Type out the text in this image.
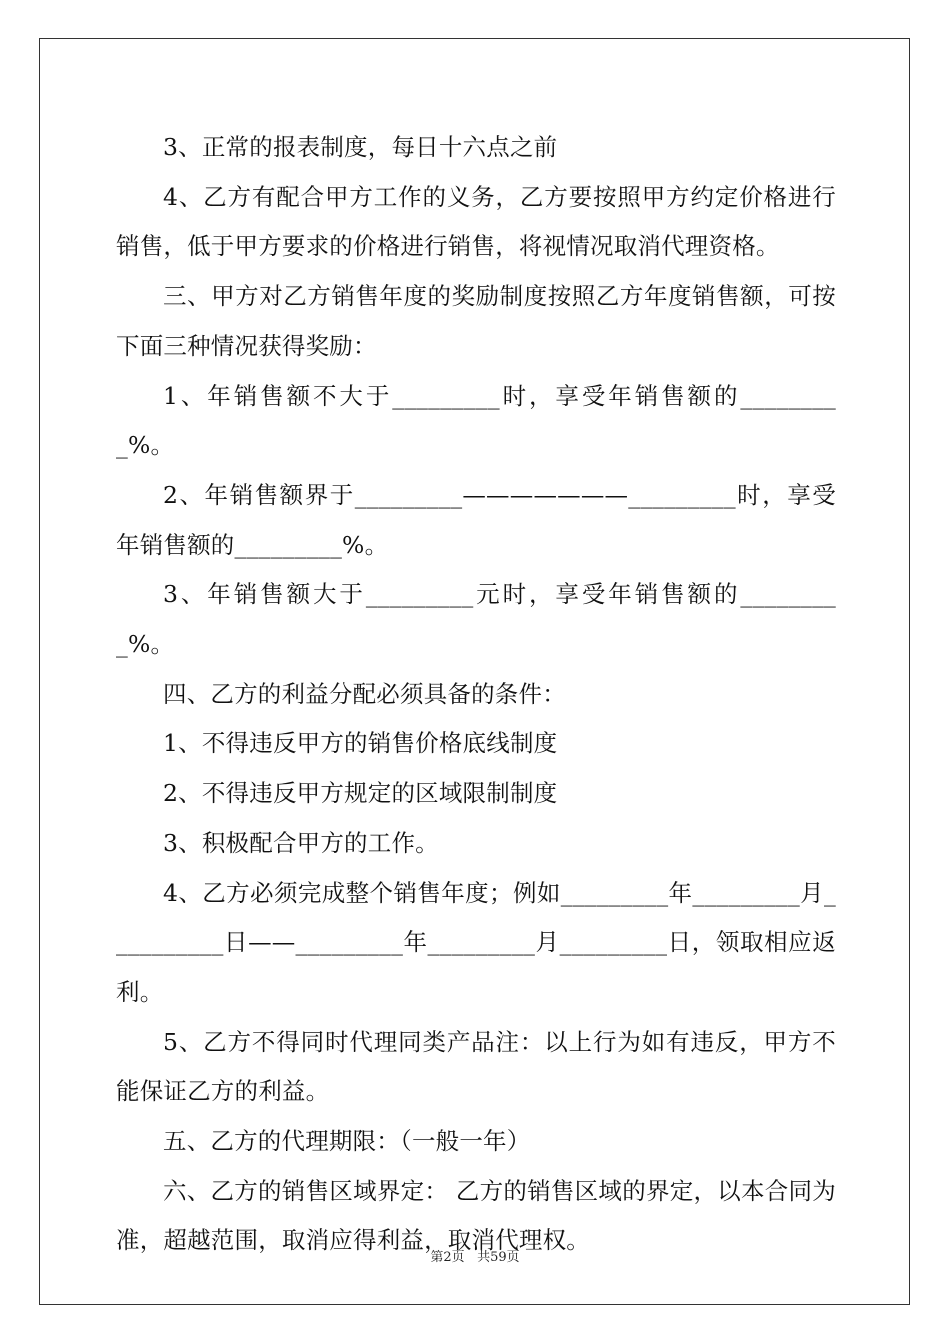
3、正常的报表制度，每日十六点之前

4、乙方有配合甲方工作的义务，乙方要按照甲方约定价格进行销售，低于甲方要求的价格进行销售，将视情况取消代理资格。

三、甲方对乙方销售年度的奖励制度按照乙方年度销售额，可按下面三种情况获得奖励：

1、年销售额不大于_________时，享受年销售额的_________%。

2、年销售额界于_________———————_________时，享受年销售额的_________%。

3、年销售额大于_________元时，享受年销售额的_________%。

四、乙方的利益分配必须具备的条件：

1、不得违反甲方的销售价格底线制度

2、不得违反甲方规定的区域限制制度

3、积极配合甲方的工作。

4、乙方必须完成整个销售年度；例如_________年_________月__________日——_________年_________月_________日，领取相应返利。

5、乙方不得同时代理同类产品注：以上行为如有违反，甲方不能保证乙方的利益。

五、乙方的代理期限：（一般一年）

六、乙方的销售区域界定： 乙方的销售区域的界定，以本合同为准，超越范围，取消应得利益，取消代理权。

第2页 共59页
